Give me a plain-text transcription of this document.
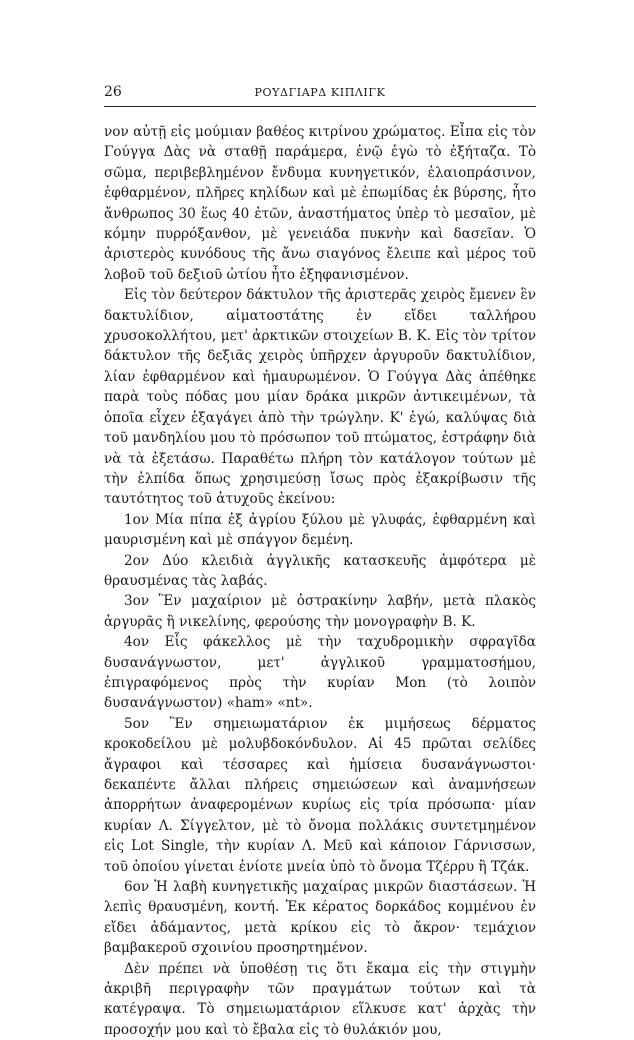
26	ΡΟΥΔΓΙΑΡΔ ΚΙΠΛΙΓΚ

νον αὐτῇ εἰς μούμιαν βαθέος κιτρίνου χρώματος. Εἶπα εἰς τὸν Γούγγα Δὰς νὰ σταθῇ παράμερα, ἐνῷ ἐγὼ τὸ ἐξήταζα. Τὸ σῶμα, περιβεβλημένον ἔνδυμα κυνηγετικόν, ἐλαιοπράσινον, ἐφθαρμένον, πλῆρες κηλίδων καὶ μὲ ἐπωμίδας ἐκ βύρσης, ἦτο ἄνθρωπος 30 ἕως 40 ἐτῶν, ἀναστήματος ὑπὲρ τὸ μεσαῖον, μὲ κόμην πυρρόξανθον, μὲ γενειάδα πυκνὴν καὶ δασεῖαν. Ὁ ἀριστερὸς κυνόδους τῆς ἄνω σιαγόνος ἔλειπε καὶ μέρος τοῦ λοβοῦ τοῦ δεξιοῦ ὠτίου ἦτο ἐξηφανισμένον.

Εἰς τὸν δεύτερον δάκτυλον τῆς ἀριστερᾶς χειρὸς ἔμενεν ἓν δακτυλίδιον, αἱματοστάτης ἐν εἴδει ταλλήρου χρυσοκολλήτου, μετ' ἀρκτικῶν στοιχείων Β. Κ. Εἰς τὸν τρίτον δάκτυλον τῆς δεξιᾶς χειρὸς ὑπῆρχεν ἀργυροῦν δακτυλίδιον, λίαν ἐφθαρμένον καὶ ἠμαυρωμένον. Ὁ Γούγγα Δὰς ἀπέθηκε παρὰ τοὺς πόδας μου μίαν δράκα μικρῶν ἀντικειμένων, τὰ ὁποῖα εἶχεν ἐξαγάγει ἀπὸ τὴν τρώγλην. Κ' ἐγώ, καλύψας διὰ τοῦ μανδηλίου μου τὸ πρόσωπον τοῦ πτώματος, ἐστράφην διὰ νὰ τὰ ἐξετάσω. Παραθέτω πλήρη τὸν κατάλογον τούτων μὲ τὴν ἐλπίδα ὅπως χρησιμεύσῃ ἴσως πρὸς ἐξακρίβωσιν τῆς ταυτότητος τοῦ ἀτυχοῦς ἐκείνου:

1ον Μία πίπα ἐξ ἀγρίου ξύλου μὲ γλυφάς, ἐφθαρμένη καὶ μαυρισμένη καὶ μὲ σπάγγον δεμένη.

2ον Δύο κλειδιὰ ἀγγλικῆς κατασκευῆς ἀμφότερα μὲ θραυσμένας τὰς λαβάς.

3ον Ἓν μαχαίριον μὲ ὀστρακίνην λαβήν, μετὰ πλακὸς ἀργυρᾶς ἢ νικελίνης, φερούσης τὴν μονογραφὴν Β. Κ.

4ον Εἷς φάκελλος μὲ τὴν ταχυδρομικὴν σφραγῖδα δυσανάγνωστον, μετ' ἀγγλικοῦ γραμματοσήμου, ἐπιγραφόμενος πρὸς τὴν κυρίαν Mon (τὸ λοιπὸν δυσανάγνωστον) «ham» «nt».

5ον Ἓν σημειωματάριον ἐκ μιμήσεως δέρματος κροκοδείλου μὲ μολυβδοκόνδυλον. Αἱ 45 πρῶται σελίδες ἄγραφοι καὶ τέσσαρες καὶ ἡμίσεια δυσανάγνωστοι· δεκαπέντε ἄλλαι πλήρεις σημειώσεων καὶ ἀναμνήσεων ἀπορρήτων ἀναφερομένων κυρίως εἰς τρία πρόσωπα· μίαν κυρίαν Λ. Σίγγελτον, μὲ τὸ ὄνομα πολλάκις συντετμημένον εἰς Lot Single, τὴν κυρίαν Λ. Μεῦ καὶ κάποιον Γάρνισσων, τοῦ ὁποίου γίνεται ἐνίοτε μνεία ὑπὸ τὸ ὄνομα Τζέρρυ ἢ Τζάκ.

6ον Ἡ λαβὴ κυνηγετικῆς μαχαίρας μικρῶν διαστάσεων. Ἡ λεπὶς θραυσμένη, κοντή. Ἐκ κέρατος δορκάδος κομμένου ἐν εἴδει ἀδάμαντος, μετὰ κρίκου εἰς τὸ ἄκρον· τεμάχιον βαμβακεροῦ σχοινίου προσηρτημένον.

Δὲν πρέπει νὰ ὑποθέσῃ τις ὅτι ἔκαμα εἰς τὴν στιγμὴν ἀκριβῆ περιγραφὴν τῶν πραγμάτων τούτων καὶ τὰ κατέγραψα. Τὸ σημειωματάριον εἵλκυσε κατ' ἀρχὰς τὴν προσοχήν μου καὶ τὸ ἔβαλα εἰς τὸ θυλάκιόν μου,
